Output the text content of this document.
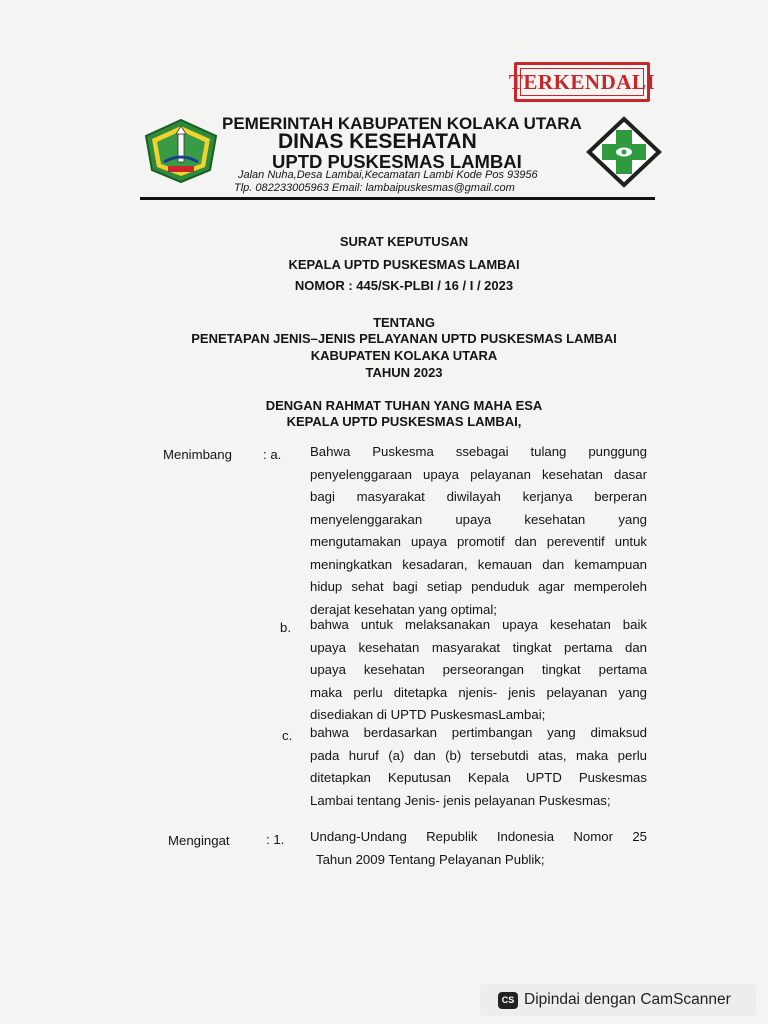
TERKENDALI
PEMERINTAH KABUPATEN KOLAKA UTARA
DINAS KESEHATAN
UPTD PUSKESMAS LAMBAI
Jalan Nuha,Desa Lambai,Kecamatan Lambi Kode Pos 93956
Tlp. 082233005963 Email: lambaipuskesmas@gmail.com
SURAT KEPUTUSAN
KEPALA UPTD PUSKESMAS LAMBAI
NOMOR : 445/SK-PLBI / 16 / I / 2023
TENTANG
PENETAPAN JENIS–JENIS PELAYANAN UPTD PUSKESMAS LAMBAI
KABUPATEN KOLAKA UTARA
TAHUN 2023
DENGAN RAHMAT TUHAN YANG MAHA ESA
KEPALA UPTD PUSKESMAS LAMBAI,
Menimbang : a. Bahwa Puskesma ssebagai tulang punggung
penyelenggaraan upaya pelayanan kesehatan dasar
bagi masyarakat diwilayah kerjanya berperan
menyelenggarakan upaya kesehatan yang
mengutamakan upaya promotif dan pereventif untuk
meningkatkan kesadaran, kemauan dan kemampuan
hidup sehat bagi setiap penduduk agar memperoleh
derajat kesehatan yang optimal;
b. bahwa untuk melaksanakan upaya kesehatan baik
upaya kesehatan masyarakat tingkat pertama dan
upaya kesehatan perseorangan tingkat pertama
maka perlu ditetapka njenis- jenis pelayanan yang
disediakan di UPTD PuskesmasLambai;
c. bahwa berdasarkan pertimbangan yang dimaksud
pada huruf (a) dan (b) tersebutdi atas, maka perlu
ditetapkan Keputusan Kepala UPTD Puskesmas
Lambai tentang Jenis- jenis pelayanan Puskesmas;
Mengingat	: 1. Undang-Undang Republik Indonesia Nomor 25
Tahun 2009 Tentang Pelayanan Publik;
CS Dipindai dengan CamScanner
